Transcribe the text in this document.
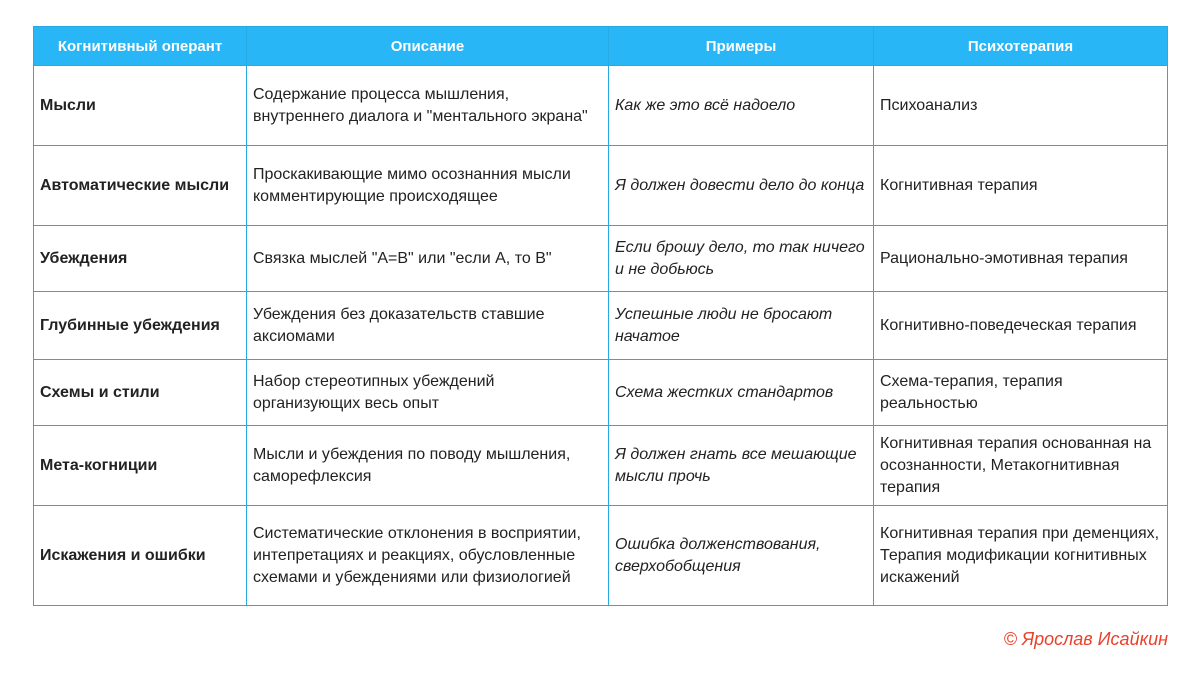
Когнитивный оперант	Описание	Примеры	Психотерапия
Мысли	Содержание процесса мышления, внутреннего диалога и "ментального экрана"	Как же это всё надоело	Психоанализ
Автоматические мысли	Проскакивающие мимо осознанния мысли комментирующие происходящее	Я должен довести дело до конца	Когнитивная терапия
Убеждения	Связка мыслей "А=В" или "если А, то В"	Если брошу дело, то так ничего и не добьюсь	Рационально-эмотивная терапия
Глубинные убеждения	Убеждения без доказательств ставшие аксиомами	Успешные люди не бросают начатое	Когнитивно-поведеческая терапия
Схемы и стили	Набор стереотипных убеждений организующих весь опыт	Схема жестких стандартов	Схема-терапия, терапия реальностью
Мета-когниции	Мысли и убеждения по поводу мышления, саморефлексия	Я должен гнать все мешающие мысли прочь	Когнитивная терапия основанная на осознанности, Метакогнитивная терапия
Искажения и ошибки	Систематические отклонения в восприятии, интепретациях и реакциях, обусловленные схемами и убеждениями или физиологией	Ошибка долженствования, сверхобобщения	Когнитивная терапия при деменциях, Терапия модификации когнитивных искажений
© Ярослав Исайкин
